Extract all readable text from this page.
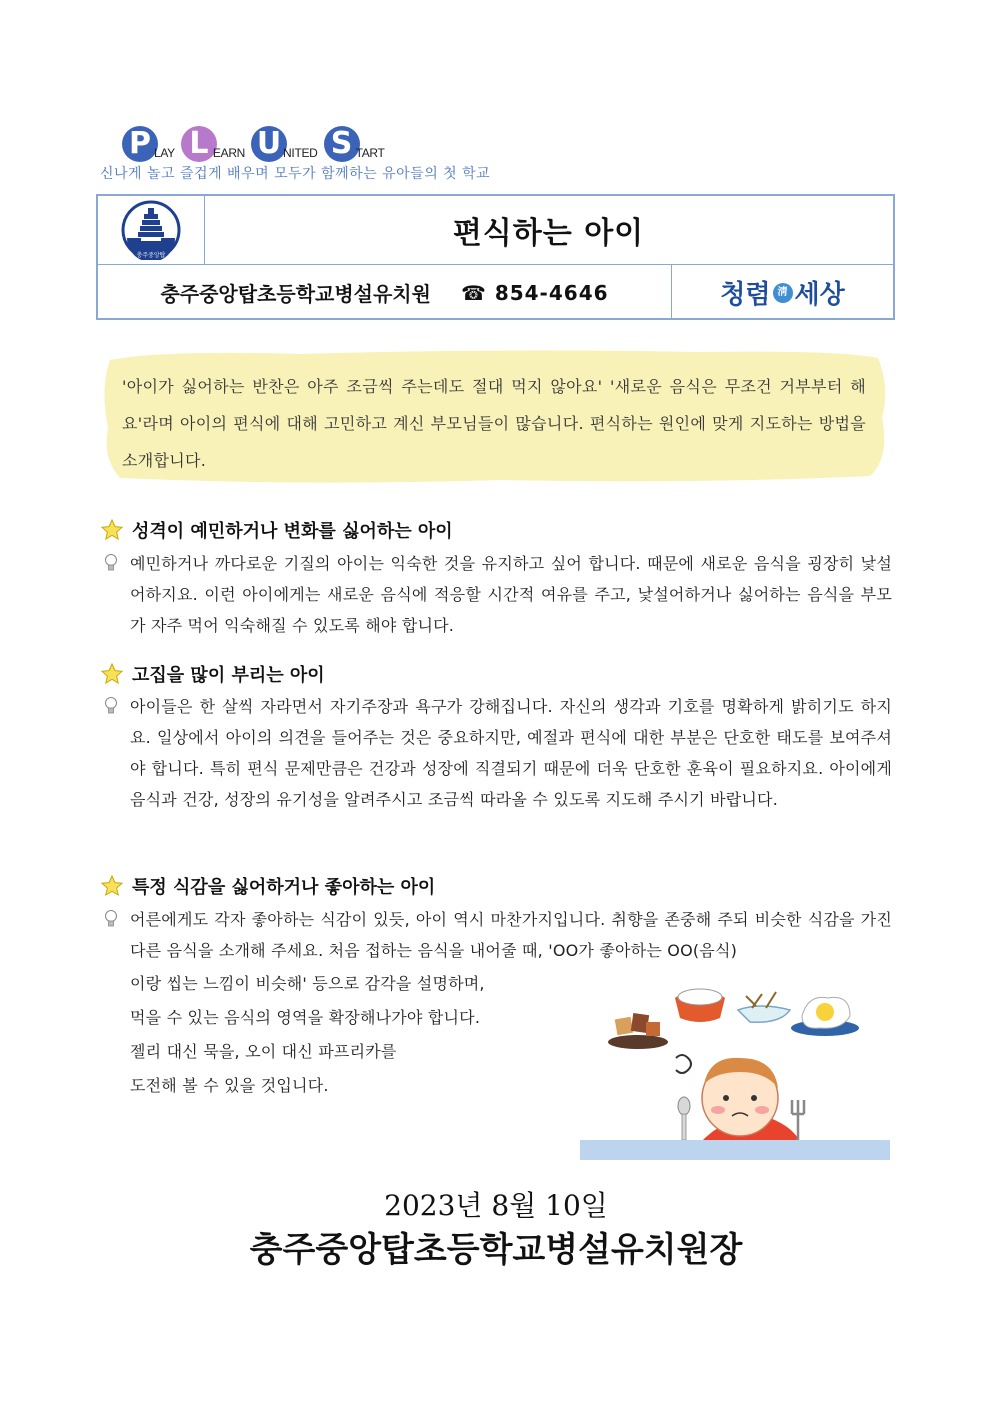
P LAY L EARN U NITED S TART
신나게 놀고 즐겁게 배우며 모두가 함께하는 유아들의 첫 학교
충주중앙탑
편식하는 아이
충주중앙탑초등학교병설유치원 ☎ 854-4646	청렴 淸 세상
'아이가 싫어하는 반찬은 아주 조금씩 주는데도 절대 먹지 않아요' '새로운 음식은 무조건 거부부터 해요'라며 아이의 편식에 대해 고민하고 계신 부모님들이 많습니다. 편식하는 원인에 맞게 지도하는 방법을 소개합니다.
성격이 예민하거나 변화를 싫어하는 아이
예민하거나 까다로운 기질의 아이는 익숙한 것을 유지하고 싶어 합니다. 때문에 새로운 음식을 굉장히 낯설어하지요. 이런 아이에게는 새로운 음식에 적응할 시간적 여유를 주고, 낯설어하거나 싫어하는 음식을 부모가 자주 먹어 익숙해질 수 있도록 해야 합니다.
고집을 많이 부리는 아이
아이들은 한 살씩 자라면서 자기주장과 욕구가 강해집니다. 자신의 생각과 기호를 명확하게 밝히기도 하지요. 일상에서 아이의 의견을 들어주는 것은 중요하지만, 예절과 편식에 대한 부분은 단호한 태도를 보여주셔야 합니다. 특히 편식 문제만큼은 건강과 성장에 직결되기 때문에 더욱 단호한 훈육이 필요하지요. 아이에게 음식과 건강, 성장의 유기성을 알려주시고 조금씩 따라올 수 있도록 지도해 주시기 바랍니다.
특정 식감을 싫어하거나 좋아하는 아이
어른에게도 각자 좋아하는 식감이 있듯, 아이 역시 마찬가지입니다. 취향을 존중해 주되 비슷한 식감을 가진 다른 음식을 소개해 주세요. 처음 접하는 음식을 내어줄 때, 'OO가 좋아하는 OO(음식)
이랑 씹는 느낌이 비슷해' 등으로 감각을 설명하며,
먹을 수 있는 음식의 영역을 확장해나가야 합니다.
젤리 대신 묵을, 오이 대신 파프리카를
도전해 볼 수 있을 것입니다.
2023년 8월 10일
충주중앙탑초등학교병설유치원장
